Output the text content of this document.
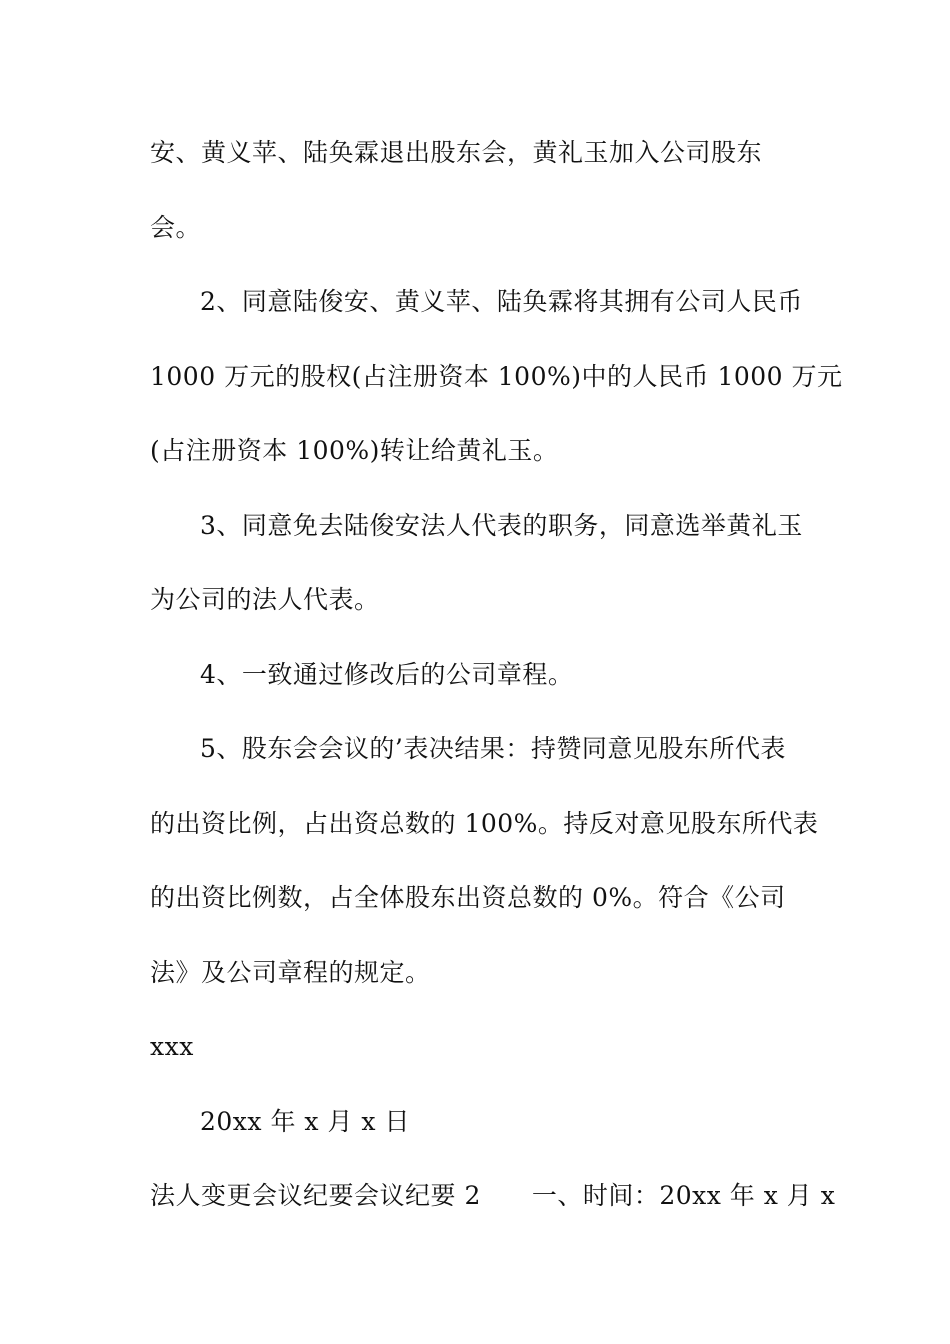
安、黄义苹、陆奂霖退出股东会，黄礼玉加入公司股东
会。
2、同意陆俊安、黄义苹、陆奂霖将其拥有公司人民币
1000 万元的股权(占注册资本 100%)中的人民币 1000 万元
(占注册资本 100%)转让给黄礼玉。
3、同意免去陆俊安法人代表的职务，同意选举黄礼玉
为公司的法人代表。
4、一致通过修改后的公司章程。
5、股东会会议的’表决结果：持赞同意见股东所代表
的出资比例，占出资总数的 100%。持反对意见股东所代表
的出资比例数，占全体股东出资总数的 0%。符合《公司
法》及公司章程的规定。
xxx
20xx 年 x 月 x 日
法人变更会议纪要会议纪要 2　　一、时间：20xx 年 x 月 x
